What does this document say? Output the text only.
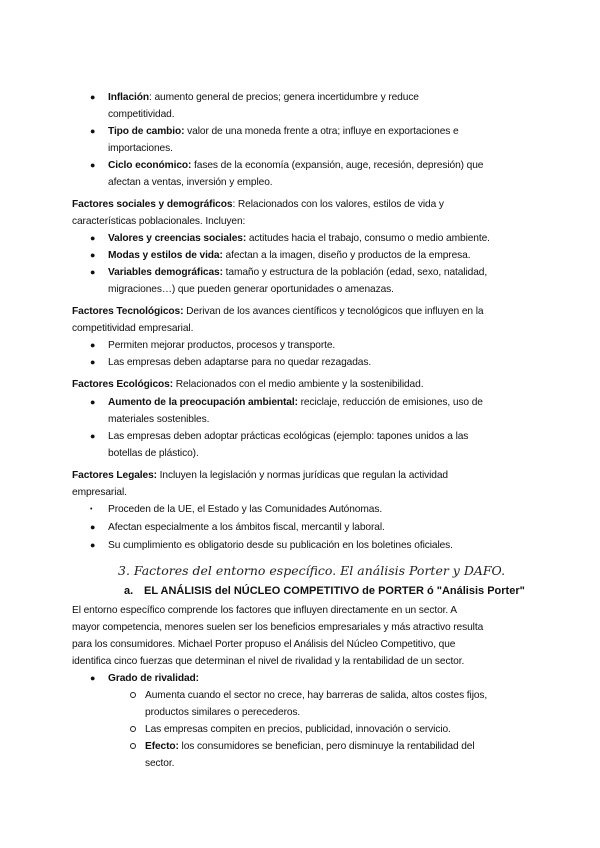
● Inflación: aumento general de precios; genera incertidumbre y reduce
competitividad.
● Tipo de cambio: valor de una moneda frente a otra; influye en exportaciones e
importaciones.
● Ciclo económico: fases de la economía (expansión, auge, recesión, depresión) que
afectan a ventas, inversión y empleo.
Factores sociales y demográficos: Relacionados con los valores, estilos de vida y
características poblacionales. Incluyen:
● Valores y creencias sociales: actitudes hacia el trabajo, consumo o medio ambiente.
● Modas y estilos de vida: afectan a la imagen, diseño y productos de la empresa.
● Variables demográficas: tamaño y estructura de la población (edad, sexo, natalidad,
migraciones…) que pueden generar oportunidades o amenazas.
Factores Tecnológicos: Derivan de los avances científicos y tecnológicos que influyen en la
competitividad empresarial.
● Permiten mejorar productos, procesos y transporte.
● Las empresas deben adaptarse para no quedar rezagadas.
Factores Ecológicos: Relacionados con el medio ambiente y la sostenibilidad.
● Aumento de la preocupación ambiental: reciclaje, reducción de emisiones, uso de
materiales sostenibles.
● Las empresas deben adoptar prácticas ecológicas (ejemplo: tapones unidos a las
botellas de plástico).
Factores Legales: Incluyen la legislación y normas jurídicas que regulan la actividad
empresarial.
• Proceden de la UE, el Estado y las Comunidades Autónomas.
● Afectan especialmente a los ámbitos fiscal, mercantil y laboral.
● Su cumplimiento es obligatorio desde su publicación en los boletines oficiales.
3. Factores del entorno específico. El análisis Porter y DAFO.
a. EL ANÁLISIS del NÚCLEO COMPETITIVO de PORTER ó "Análisis Porter"
El entorno específico comprende los factores que influyen directamente en un sector. A
mayor competencia, menores suelen ser los beneficios empresariales y más atractivo resulta
para los consumidores. Michael Porter propuso el Análisis del Núcleo Competitivo, que
identifica cinco fuerzas que determinan el nivel de rivalidad y la rentabilidad de un sector.
● Grado de rivalidad:
Aumenta cuando el sector no crece, hay barreras de salida, altos costes fijos,
productos similares o perecederos.
Las empresas compiten en precios, publicidad, innovación o servicio.
Efecto: los consumidores se benefician, pero disminuye la rentabilidad del
sector.
